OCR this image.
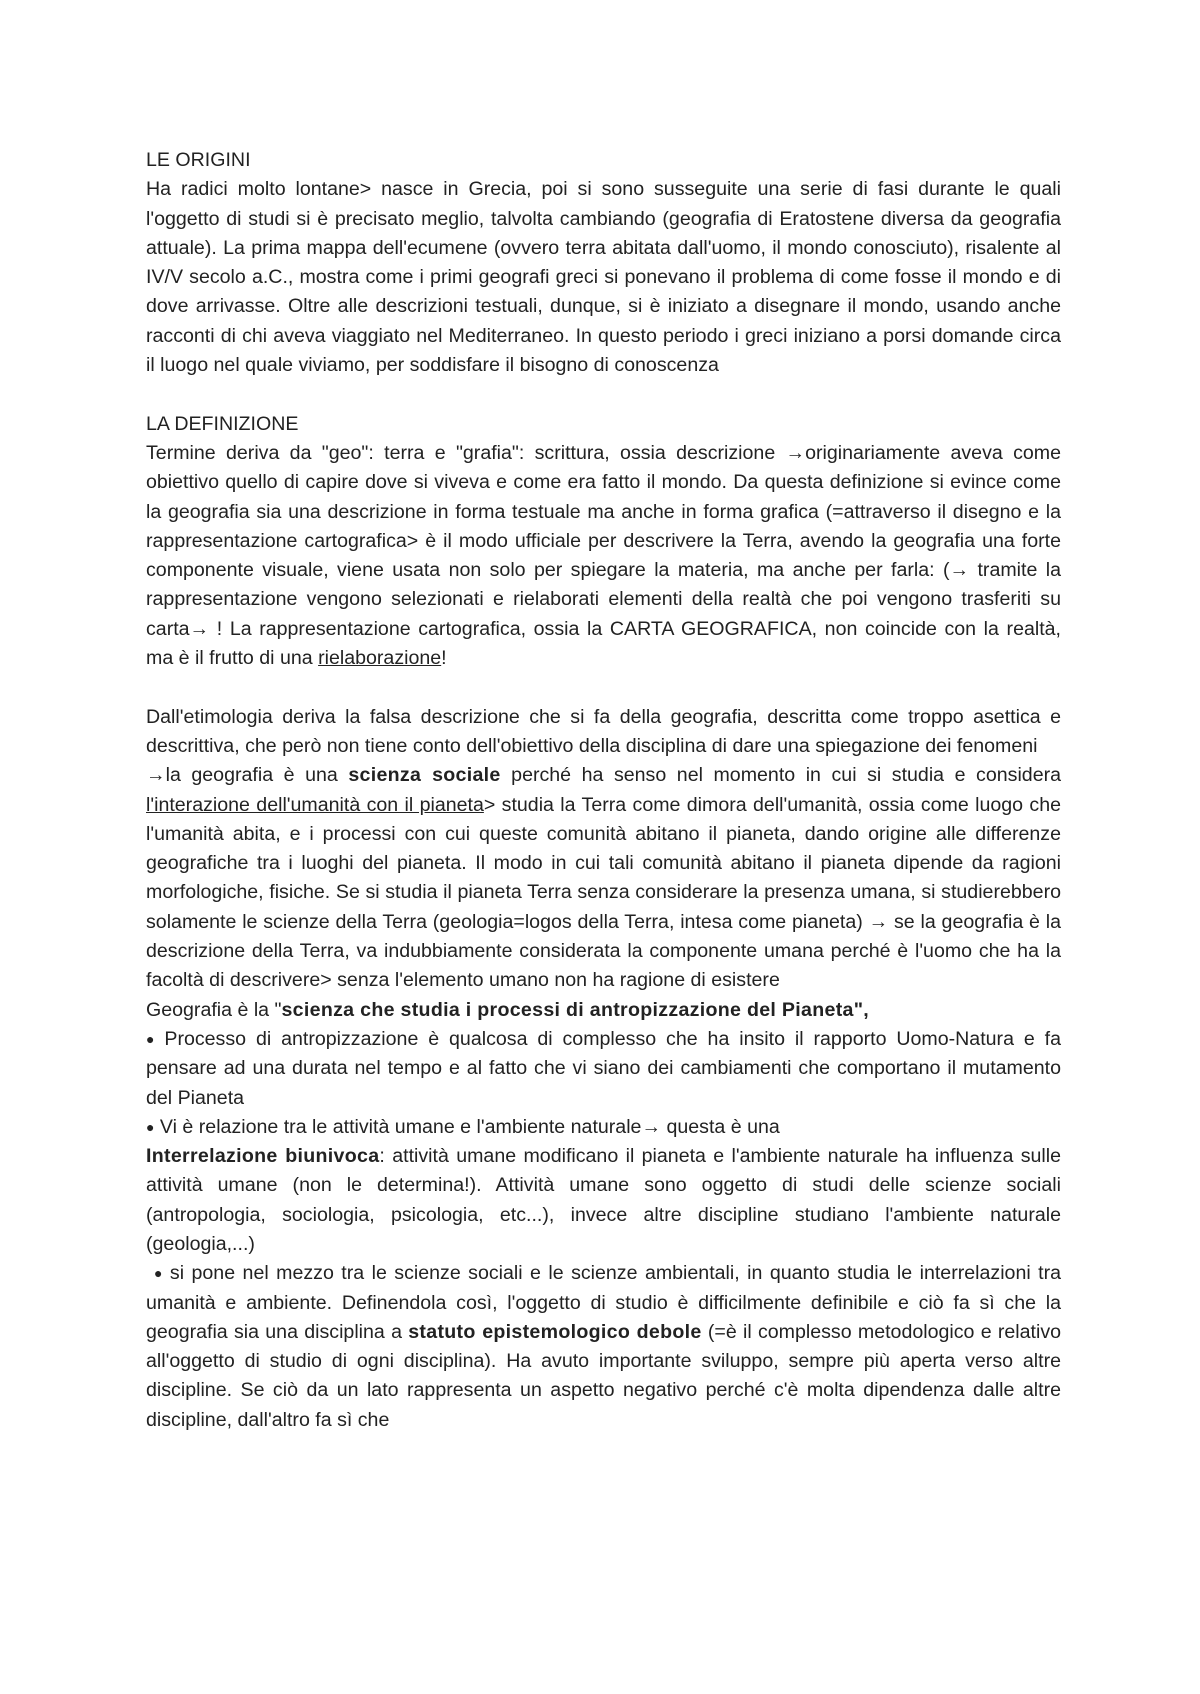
LE ORIGINI
Ha radici molto lontane> nasce in Grecia, poi si sono susseguite una serie di fasi durante le quali l'oggetto di studi si è precisato meglio, talvolta cambiando (geografia di Eratostene diversa da geografia attuale). La prima mappa dell'ecumene (ovvero terra abitata dall'uomo, il mondo conosciuto), risalente al IV/V secolo a.C., mostra come i primi geografi greci si ponevano il problema di come fosse il mondo e di dove arrivasse. Oltre alle descrizioni testuali, dunque, si è iniziato a disegnare il mondo, usando anche racconti di chi aveva viaggiato nel Mediterraneo. In questo periodo i greci iniziano a porsi domande circa il luogo nel quale viviamo, per soddisfare il bisogno di conoscenza
LA DEFINIZIONE
Termine deriva da "geo": terra e "grafia": scrittura, ossia descrizione →originariamente aveva come obiettivo quello di capire dove si viveva e come era fatto il mondo. Da questa definizione si evince come la geografia sia una descrizione in forma testuale ma anche in forma grafica (=attraverso il disegno e la rappresentazione cartografica> è il modo ufficiale per descrivere la Terra, avendo la geografia una forte componente visuale, viene usata non solo per spiegare la materia, ma anche per farla: (→ tramite la rappresentazione vengono selezionati e rielaborati elementi della realtà che poi vengono trasferiti su carta→ ! La rappresentazione cartografica, ossia la CARTA GEOGRAFICA, non coincide con la realtà, ma è il frutto di una rielaborazione!
Dall'etimologia deriva la falsa descrizione che si fa della geografia, descritta come troppo asettica e descrittiva, che però non tiene conto dell'obiettivo della disciplina di dare una spiegazione dei fenomeni
→la geografia è una scienza sociale perché ha senso nel momento in cui si studia e considera l'interazione dell'umanità con il pianeta> studia la Terra come dimora dell'umanità, ossia come luogo che l'umanità abita, e i processi con cui queste comunità abitano il pianeta, dando origine alle differenze geografiche tra i luoghi del pianeta. Il modo in cui tali comunità abitano il pianeta dipende da ragioni morfologiche, fisiche. Se si studia il pianeta Terra senza considerare la presenza umana, si studierebbero solamente le scienze della Terra (geologia=logos della Terra, intesa come pianeta) → se la geografia è la descrizione della Terra, va indubbiamente considerata la componente umana perché è l'uomo che ha la facoltà di descrivere> senza l'elemento umano non ha ragione di esistere
Geografia è la "scienza che studia i processi di antropizzazione del Pianeta",
● Processo di antropizzazione è qualcosa di complesso che ha insito il rapporto Uomo-Natura e fa pensare ad una durata nel tempo e al fatto che vi siano dei cambiamenti che comportano il mutamento del Pianeta
● Vi è relazione tra le attività umane e l'ambiente naturale→ questa è una
Interrelazione biunivoca: attività umane modificano il pianeta e l'ambiente naturale ha influenza sulle attività umane (non le determina!). Attività umane sono oggetto di studi delle scienze sociali (antropologia, sociologia, psicologia, etc...), invece altre discipline studiano l'ambiente naturale (geologia,...)
● si pone nel mezzo tra le scienze sociali e le scienze ambientali, in quanto studia le interrelazioni tra umanità e ambiente. Definendola così, l'oggetto di studio è difficilmente definibile e ciò fa sì che la geografia sia una disciplina a statuto epistemologico debole (=è il complesso metodologico e relativo all'oggetto di studio di ogni disciplina). Ha avuto importante sviluppo, sempre più aperta verso altre discipline. Se ciò da un lato rappresenta un aspetto negativo perché c'è molta dipendenza dalle altre discipline, dall'altro fa sì che
